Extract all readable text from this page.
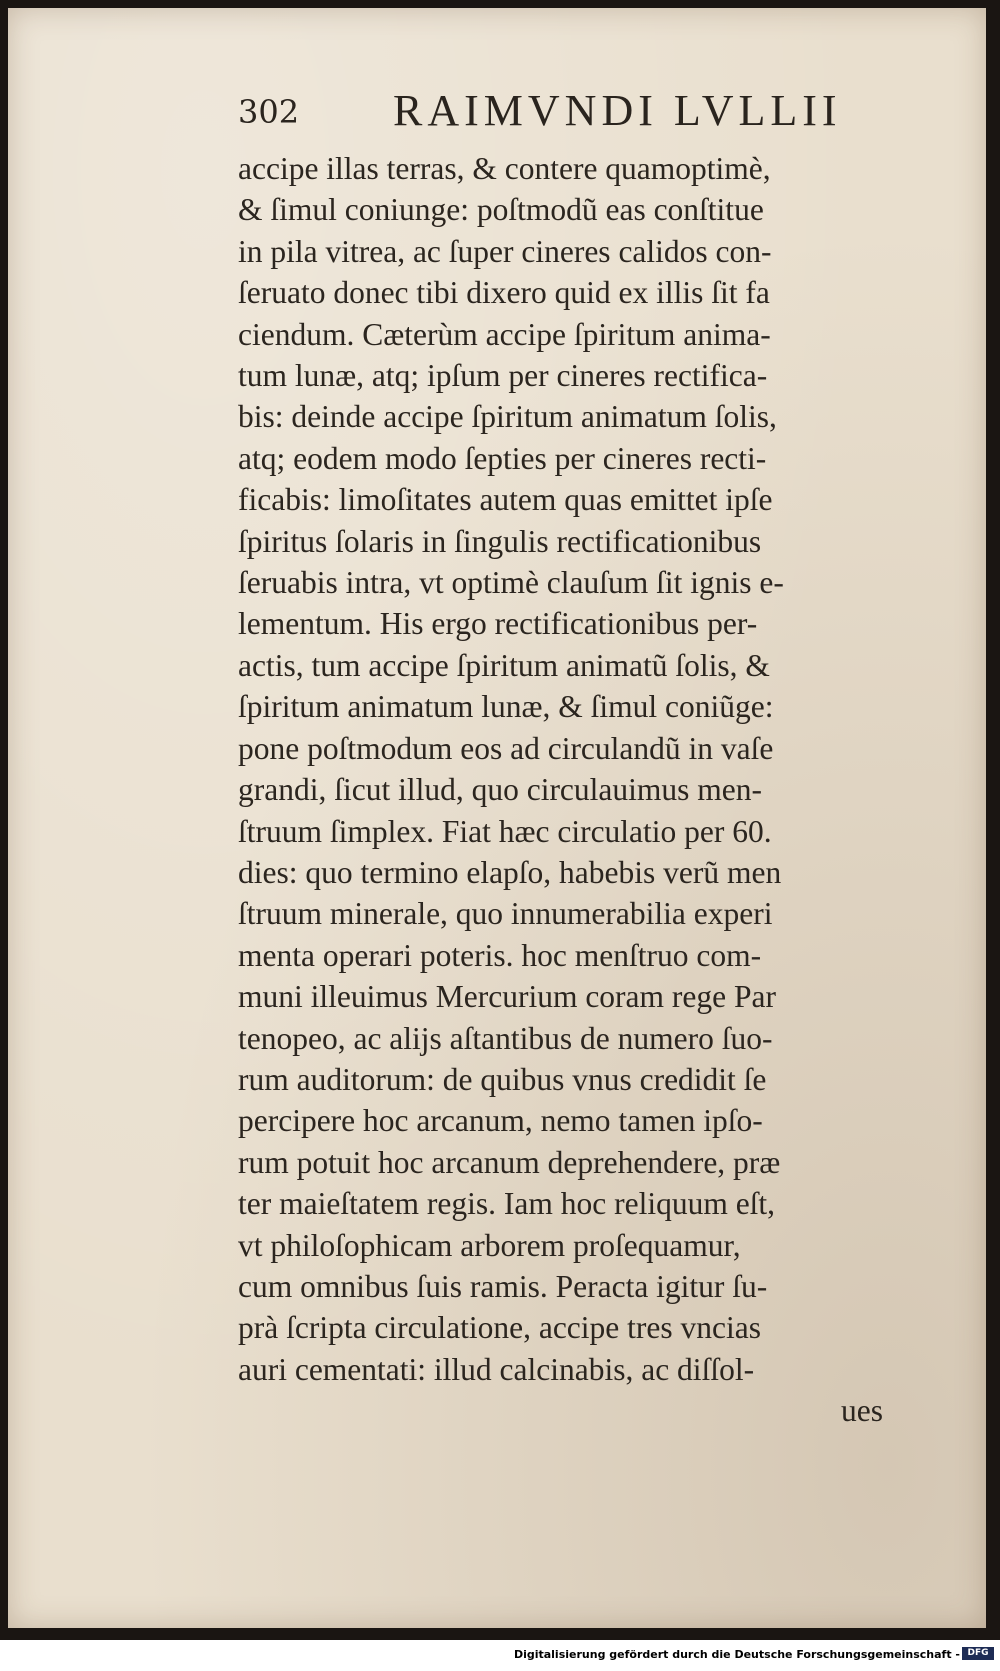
302 RAIMVNDI LVLLII
accipe illas terras, & contere quamoptimè,
& ſimul coniunge: poſtmodũ eas conſtitue
in pila vitrea, ac ſuper cineres calidos con-
ſeruato donec tibi dixero quid ex illis ſit fa
ciendum. Cæterùm accipe ſpiritum anima-
tum lunæ, atq; ipſum per cineres rectifica-
bis: deinde accipe ſpiritum animatum ſolis,
atq; eodem modo ſepties per cineres recti-
ficabis: limoſitates autem quas emittet ipſe
ſpiritus ſolaris in ſingulis rectificationibus
ſeruabis intra, vt optimè clauſum ſit ignis e-
lementum. His ergo rectificationibus per-
actis, tum accipe ſpiritum animatũ ſolis, &
ſpiritum animatum lunæ, & ſimul coniũge:
pone poſtmodum eos ad circulandũ in vaſe
grandi, ſicut illud, quo circulauimus men-
ſtruum ſimplex. Fiat hæc circulatio per 60.
dies: quo termino elapſo, habebis verũ men
ſtruum minerale, quo innumerabilia experi
menta operari poteris. hoc menſtruo com-
muni illeuimus Mercurium coram rege Par
tenopeo, ac alijs aſtantibus de numero ſuo-
rum auditorum: de quibus vnus credidit ſe
percipere hoc arcanum, nemo tamen ipſo-
rum potuit hoc arcanum deprehendere, præ
ter maieſtatem regis. Iam hoc reliquum eſt,
vt philoſophicam arborem proſequamur,
cum omnibus ſuis ramis. Peracta igitur ſu-
prà ſcripta circulatione, accipe tres vncias
auri cementati: illud calcinabis, ac diſſol-
ues
Digitalisierung gefördert durch die Deutsche Forschungsgemeinschaft - DFG
